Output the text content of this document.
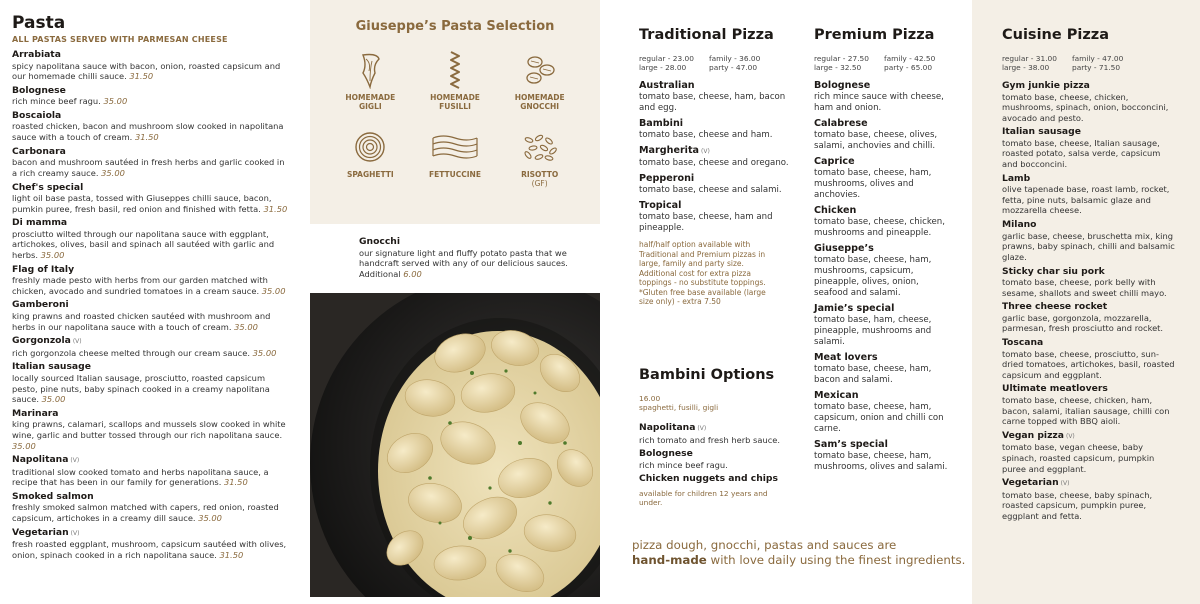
Pasta
ALL PASTAS SERVED WITH PARMESAN CHEESE
Arrabiata
spicy napolitana sauce with bacon, onion, roasted capsicum and our homemade chilli sauce. 31.50
Bolognese
rich mince beef ragu. 35.00
Boscaiola
roasted chicken, bacon and mushroom slow cooked in napolitana sauce with a touch of cream. 31.50
Carbonara
bacon and mushroom sautéed in fresh herbs and garlic cooked in a rich creamy sauce. 35.00
Chef's special
light oil base pasta, tossed with Giuseppes chilli sauce, bacon, pumkin puree, fresh basil, red onion and finished with fetta. 31.50
Di mamma
prosciutto wilted through our napolitana sauce with eggplant, artichokes, olives, basil and spinach all sautéed with garlic and herbs. 35.00
Flag of Italy
freshly made pesto with herbs from our garden matched with chicken, avocado and sundried tomatoes in a cream sauce. 35.00
Gamberoni
king prawns and roasted chicken sautéed with mushroom and herbs in our napolitana sauce with a touch of cream. 35.00
Gorgonzola (V)
rich gorgonzola cheese melted through our cream sauce. 35.00
Italian sausage
locally sourced Italian sausage, prosciutto, roasted capsicum pesto, pine nuts, baby spinach cooked in a creamy napolitana sauce. 35.00
Marinara
king prawns, calamari, scallops and mussels slow cooked in white wine, garlic and butter tossed through our rich napolitana sauce. 35.00
Napolitana (V)
traditional slow cooked tomato and herbs napolitana sauce, a recipe that has been in our family for generations. 31.50
Smoked salmon
freshly smoked salmon matched with capers, red onion, roasted capsicum, artichokes in a creamy dill sauce. 35.00
Vegetarian (V)
fresh roasted eggplant, mushroom, capsicum sautéed with olives, onion, spinach cooked in a rich napolitana sauce. 31.50
Giuseppe’s Pasta Selection
HOMEMADE
GIGLI
HOMEMADE
FUSILLI
HOMEMADE
GNOCCHI
SPAGHETTI	FETTUCCINE	RISOTTO
(GF)
Gnocchi
our signature light and fluffy potato pasta that we handcraft served with any of our delicious sauces. Additional 6.00
Traditional Pizza
regular - 23.00	family - 36.00
large - 28.00	party - 47.00
Australian
tomato base, cheese, ham, bacon and egg.
Bambini
tomato base, cheese and ham.
Margherita (V)
tomato base, cheese and oregano.
Pepperoni
tomato base, cheese and salami.
Tropical
tomato base, cheese, ham and pineapple.
half/half option available with Traditional and Premium pizzas in large, family and party size. Additional cost for extra pizza toppings - no substitute toppings. *Gluten free base available (large size only) - extra 7.50
Bambini Options
16.00
spaghetti, fusilli, gigli
Napolitana (V)
rich tomato and fresh herb sauce.
Bolognese
rich mince beef ragu.
Chicken nuggets and chips
available for children 12 years and under.
Premium Pizza
regular - 27.50	family - 42.50
large - 32.50	party - 65.00
Bolognese
rich mince sauce with cheese, ham and onion.
Calabrese
tomato base, cheese, olives, salami, anchovies and chilli.
Caprice
tomato base, cheese, ham, mushrooms, olives and anchovies.
Chicken
tomato base, cheese, chicken, mushrooms and pineapple.
Giuseppe’s
tomato base, cheese, ham, mushrooms, capsicum, pineapple, olives, onion, seafood and salami.
Jamie’s special
tomato base, ham, cheese, pineapple, mushrooms and salami.
Meat lovers
tomato base, cheese, ham, bacon and salami.
Mexican
tomato base, cheese, ham, capsicum, onion and chilli con carne.
Sam’s special
tomato base, cheese, ham, mushrooms, olives and salami.
pizza dough, gnocchi, pastas and sauces are
hand-made with love daily using the finest ingredients.
Cuisine Pizza
regular - 31.00	family - 47.00
large - 38.00	party - 71.50
Gym junkie pizza
tomato base, cheese, chicken, mushrooms, spinach, onion, bocconcini, avocado and pesto.
Italian sausage
tomato base, cheese, Italian sausage, roasted potato, salsa verde, capsicum and bocconcini.
Lamb
olive tapenade base, roast lamb, rocket, fetta, pine nuts, balsamic glaze and mozzarella cheese.
Milano
garlic base, cheese, bruschetta mix, king prawns, baby spinach, chilli and balsamic glaze.
Sticky char siu pork
tomato base, cheese, pork belly with sesame, shallots and sweet chilli mayo.
Three cheese rocket
garlic base, gorgonzola, mozzarella, parmesan, fresh prosciutto and rocket.
Toscana
tomato base, cheese, prosciutto, sun-dried tomatoes, artichokes, basil, roasted capsicum and eggplant.
Ultimate meatlovers
tomato base, cheese, chicken, ham, bacon, salami, italian sausage, chilli con carne topped with BBQ aioli.
Vegan pizza (V)
tomato base, vegan cheese, baby spinach, roasted capsicum, pumpkin puree and eggplant.
Vegetarian (V)
tomato base, cheese, baby spinach, roasted capsicum, pumpkin puree, eggplant and fetta.
